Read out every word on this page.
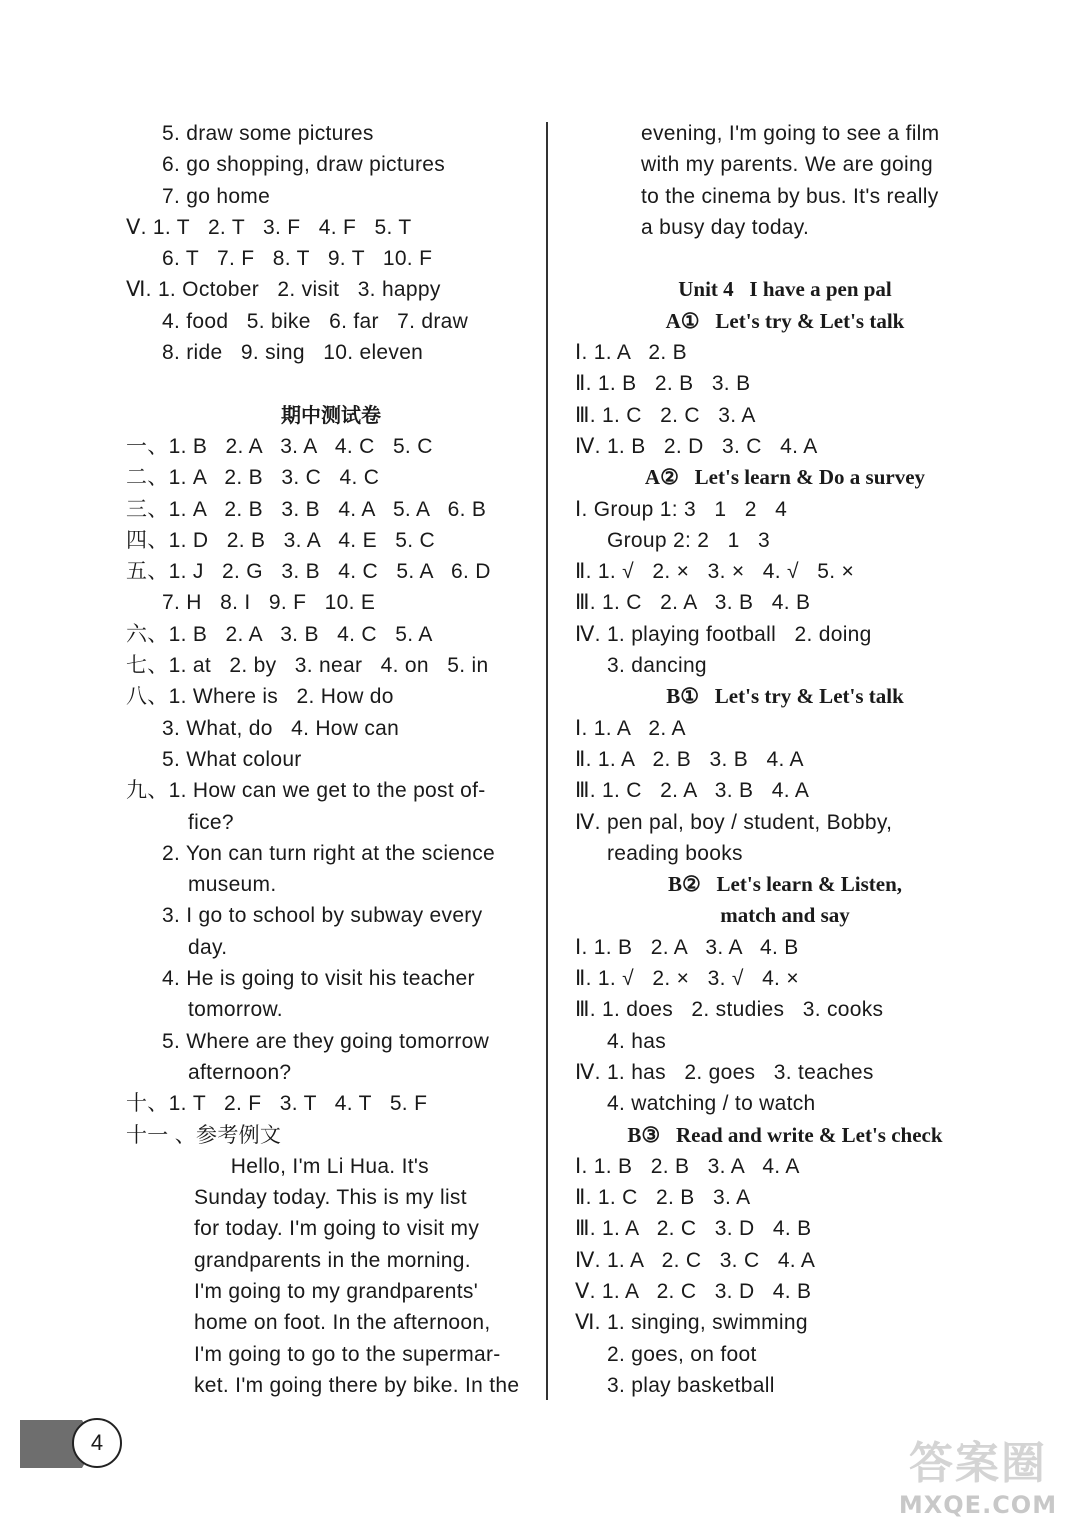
5. draw some pictures
6. go shopping, draw pictures
7. go home
Ⅴ. 1. T   2. T   3. F   4. F   5. T
6. T   7. F   8. T   9. T   10. F
Ⅵ. 1. October   2. visit   3. happy
4. food   5. bike   6. far   7. draw
8. ride   9. sing   10. eleven
期中测试卷
一、1. B   2. A   3. A   4. C   5. C
二、1. A   2. B   3. C   4. C
三、1. A   2. B   3. B   4. A   5. A   6. B
四、1. D   2. B   3. A   4. E   5. C
五、1. J   2. G   3. B   4. C   5. A   6. D
7. H   8. I   9. F   10. E
六、1. B   2. A   3. B   4. C   5. A
七、1. at   2. by   3. near   4. on   5. in
八、1. Where is   2. How do
3. What, do   4. How can
5. What colour
九、1. How can we get to the post of-
fice?
2. Yon can turn right at the science
museum.
3. I go to school by subway every
day.
4. He is going to visit his teacher
tomorrow.
5. Where are they going tomorrow
afternoon?
十、1. T   2. F   3. T   4. T   5. F
十一 、参考例文
Hello, I'm Li Hua. It's
Sunday today. This is my list
for today. I'm going to visit my
grandparents in the morning.
I'm going to my grandparents'
home on foot. In the afternoon,
I'm going to go to the supermar-
ket. I'm going there by bike. In the
evening, I'm going to see a film
with my parents. We are going
to the cinema by bus. It's really
a busy day today.
Unit 4   I have a pen pal
A①   Let's try & Let's talk
Ⅰ. 1. A   2. B
Ⅱ. 1. B   2. B   3. B
Ⅲ. 1. C   2. C   3. A
Ⅳ. 1. B   2. D   3. C   4. A
A②   Let's learn & Do a survey
Ⅰ. Group 1: 3   1   2   4
Group 2: 2   1   3
Ⅱ. 1. √   2. ×   3. ×   4. √   5. ×
Ⅲ. 1. C   2. A   3. B   4. B
Ⅳ. 1. playing football   2. doing
3. dancing
B①   Let's try & Let's talk
Ⅰ. 1. A   2. A
Ⅱ. 1. A   2. B   3. B   4. A
Ⅲ. 1. C   2. A   3. B   4. A
Ⅳ. pen pal, boy / student, Bobby,
reading books
B②   Let's learn & Listen,
match and say
Ⅰ. 1. B   2. A   3. A   4. B
Ⅱ. 1. √   2. ×   3. √   4. ×
Ⅲ. 1. does   2. studies   3. cooks
4. has
Ⅳ. 1. has   2. goes   3. teaches
4. watching / to watch
B③   Read and write & Let's check
Ⅰ. 1. B   2. B   3. A   4. A
Ⅱ. 1. C   2. B   3. A
Ⅲ. 1. A   2. C   3. D   4. B
Ⅳ. 1. A   2. C   3. C   4. A
Ⅴ. 1. A   2. C   3. D   4. B
Ⅵ. 1. singing, swimming
2. goes, on foot
3. play basketball
4	答案圈
MXQE.COM
